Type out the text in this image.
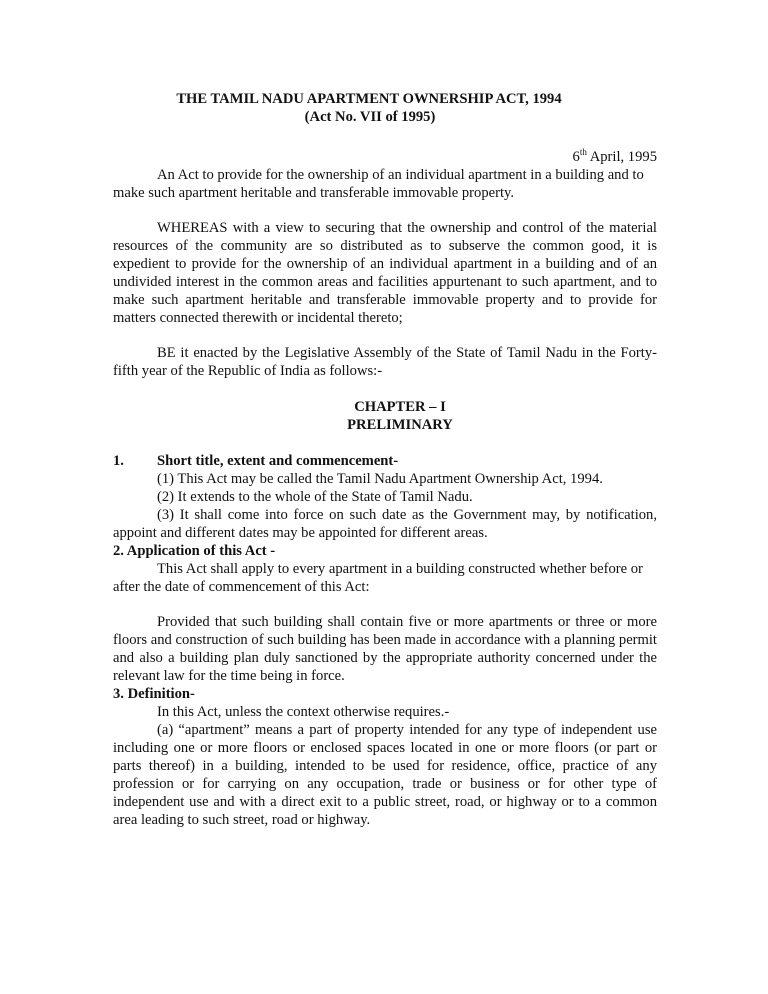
THE TAMIL NADU APARTMENT OWNERSHIP ACT, 1994
(Act No. VII of 1995)

6th April, 1995

An Act to provide for the ownership of an individual apartment in a building and to make such apartment heritable and transferable immovable property.

WHEREAS with a view to securing that the ownership and control of the material resources of the community are so distributed as to subserve the common good, it is expedient to provide for the ownership of an individual apartment in a building and of an undivided interest in the common areas and facilities appurtenant to such apartment, and to make such apartment heritable and transferable immovable property and to provide for matters connected therewith or incidental thereto;

BE it enacted by the Legislative Assembly of the State of Tamil Nadu in the Forty-fifth year of the Republic of India as follows:-

CHAPTER – I
PRELIMINARY

1. Short title, extent and commencement-

(1) This Act may be called the Tamil Nadu Apartment Ownership Act, 1994.

(2) It extends to the whole of the State of Tamil Nadu.

(3) It shall come into force on such date as the Government may, by notification, appoint and different dates may be appointed for different areas.

2. Application of this Act -

This Act shall apply to every apartment in a building constructed whether before or after the date of commencement of this Act:

Provided that such building shall contain five or more apartments or three or more floors and construction of such building has been made in accordance with a planning permit and also a building plan duly sanctioned by the appropriate authority concerned under the relevant law for the time being in force.

3. Definition-

In this Act, unless the context otherwise requires.-

(a) “apartment” means a part of property intended for any type of independent use including one or more floors or enclosed spaces located in one or more floors (or part or parts thereof) in a building, intended to be used for residence, office, practice of any profession or for carrying on any occupation, trade or business or for other type of independent use and with a direct exit to a public street, road, or highway or to a common area leading to such street, road or highway.
